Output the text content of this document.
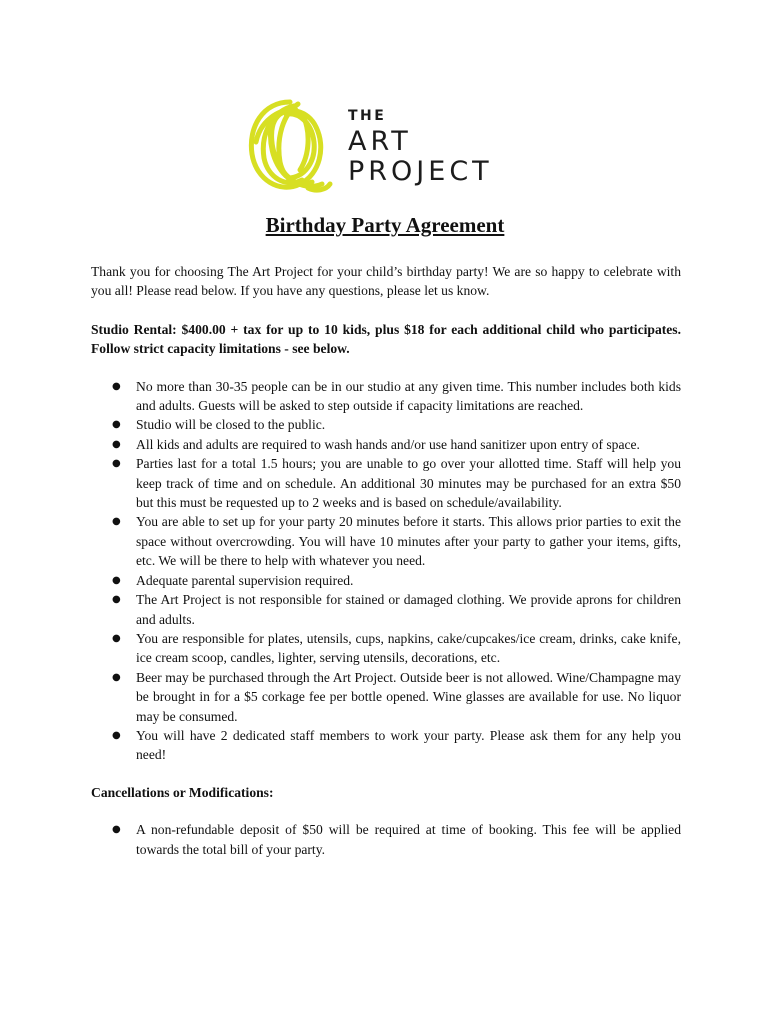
THE
ART
PROJECT
Birthday Party Agreement

Thank you for choosing The Art Project for your child’s birthday party! We are so happy to celebrate with you all! Please read below. If you have any questions, please let us know.

Studio Rental: $400.00 + tax for up to 10 kids, plus $18 for each additional child who participates. Follow strict capacity limitations - see below.

● No more than 30-35 people can be in our studio at any given time. This number includes both kids and adults. Guests will be asked to step outside if capacity limitations are reached.
● Studio will be closed to the public.
● All kids and adults are required to wash hands and/or use hand sanitizer upon entry of space.
● Parties last for a total 1.5 hours; you are unable to go over your allotted time. Staff will help you keep track of time and on schedule. An additional 30 minutes may be purchased for an extra $50 but this must be requested up to 2 weeks and is based on schedule/availability.
● You are able to set up for your party 20 minutes before it starts. This allows prior parties to exit the space without overcrowding. You will have 10 minutes after your party to gather your items, gifts, etc. We will be there to help with whatever you need.
● Adequate parental supervision required.
● The Art Project is not responsible for stained or damaged clothing. We provide aprons for children and adults.
● You are responsible for plates, utensils, cups, napkins, cake/cupcakes/ice cream, drinks, cake knife, ice cream scoop, candles, lighter, serving utensils, decorations, etc.
● Beer may be purchased through the Art Project. Outside beer is not allowed. Wine/Champagne may be brought in for a $5 corkage fee per bottle opened. Wine glasses are available for use. No liquor may be consumed.
● You will have 2 dedicated staff members to work your party. Please ask them for any help you need!

Cancellations or Modifications:

● A non-refundable deposit of $50 will be required at time of booking. This fee will be applied towards the total bill of your party.
